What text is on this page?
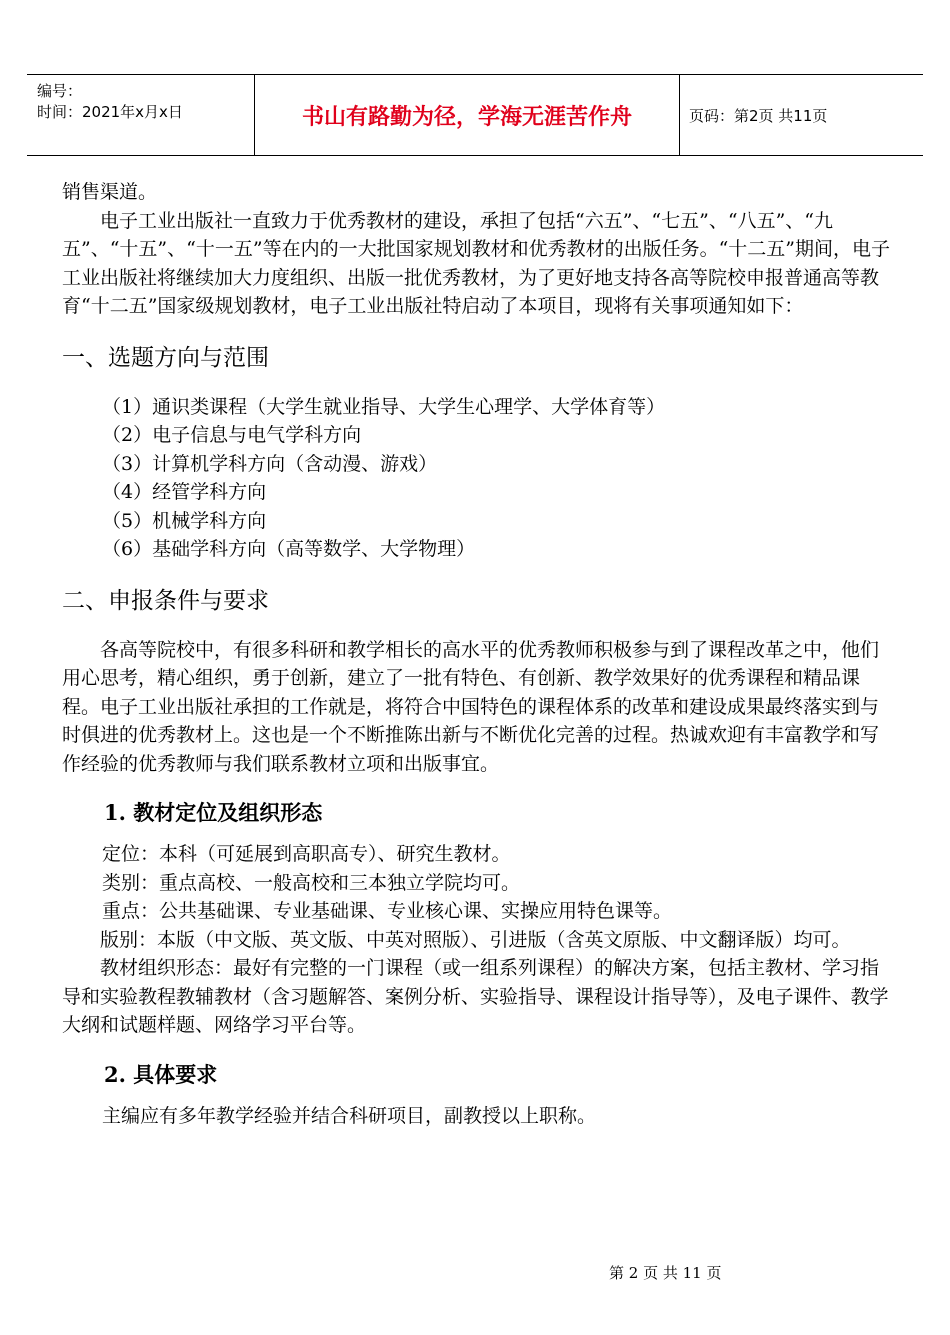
编号：
时间：2021年x月x日	书山有路勤为径，学海无涯苦作舟	页码：第2页 共11页

销售渠道。

电子工业出版社一直致力于优秀教材的建设，承担了包括“六五”、“七五”、“八五”、“九五”、“十五”、“十一五”等在内的一大批国家规划教材和优秀教材的出版任务。“十二五”期间，电子工业出版社将继续加大力度组织、出版一批优秀教材，为了更好地支持各高等院校申报普通高等教育“十二五”国家级规划教材，电子工业出版社特启动了本项目，现将有关事项通知如下：

一、选题方向与范围

（1）通识类课程（大学生就业指导、大学生心理学、大学体育等）

（2）电子信息与电气学科方向

（3）计算机学科方向（含动漫、游戏）

（4）经管学科方向

（5）机械学科方向

（6）基础学科方向（高等数学、大学物理）

二、申报条件与要求

各高等院校中，有很多科研和教学相长的高水平的优秀教师积极参与到了课程改革之中，他们用心思考，精心组织，勇于创新，建立了一批有特色、有创新、教学效果好的优秀课程和精品课程。电子工业出版社承担的工作就是，将符合中国特色的课程体系的改革和建设成果最终落实到与时俱进的优秀教材上。这也是一个不断推陈出新与不断优化完善的过程。热诚欢迎有丰富教学和写作经验的优秀教师与我们联系教材立项和出版事宜。

1. 教材定位及组织形态

定位：本科（可延展到高职高专）、研究生教材。

类别：重点高校、一般高校和三本独立学院均可。

重点：公共基础课、专业基础课、专业核心课、实操应用特色课等。

版别：本版（中文版、英文版、中英对照版）、引进版（含英文原版、中文翻译版）均可。

教材组织形态：最好有完整的一门课程（或一组系列课程）的解决方案，包括主教材、学习指导和实验教程教辅教材（含习题解答、案例分析、实验指导、课程设计指导等），及电子课件、教学大纲和试题样题、网络学习平台等。

2. 具体要求

主编应有多年教学经验并结合科研项目，副教授以上职称。

第 2 页 共 11 页
